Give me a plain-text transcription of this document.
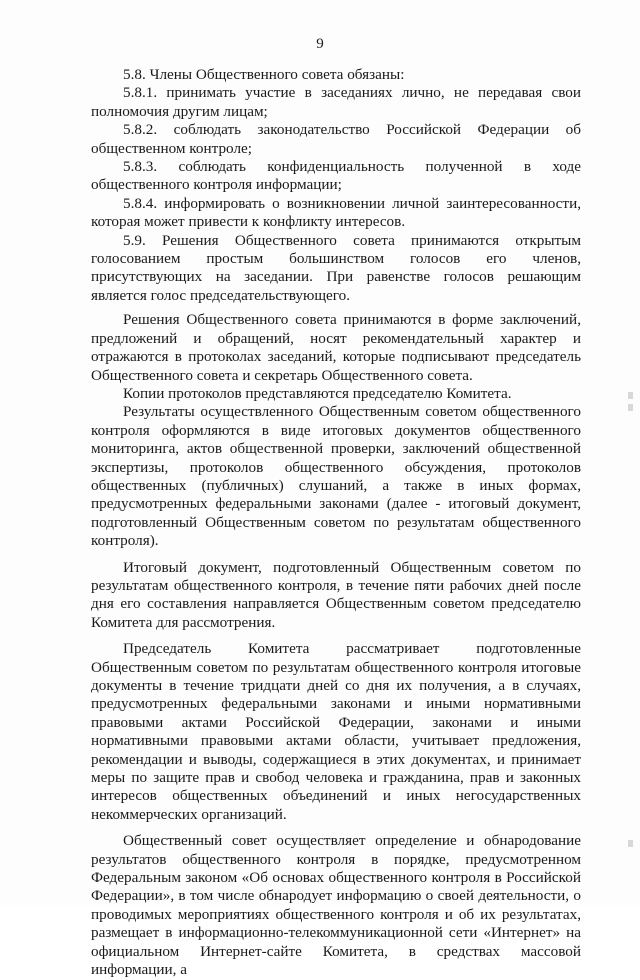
9

5.8. Члены Общественного совета обязаны:

5.8.1. принимать участие в заседаниях лично, не передавая свои полномочия другим лицам;

5.8.2. соблюдать законодательство Российской Федерации об общественном контроле;

5.8.3. соблюдать конфиденциальность полученной в ходе общественного контроля информации;

5.8.4. информировать о возникновении личной заинтересованности, которая может привести к конфликту интересов.

5.9. Решения Общественного совета принимаются открытым голосованием простым большинством голосов его членов, присутствующих на заседании. При равенстве голосов решающим является голос председательствующего.

Решения Общественного совета принимаются в форме заключений, предложений и обращений, носят рекомендательный характер и отражаются в протоколах заседаний, которые подписывают председатель Общественного совета и секретарь Общественного совета.

Копии протоколов представляются председателю Комитета.

Результаты осуществленного Общественным советом общественного контроля оформляются в виде итоговых документов общественного мониторинга, актов общественной проверки, заключений общественной экспертизы, протоколов общественного обсуждения, протоколов общественных (публичных) слушаний, а также в иных формах, предусмотренных федеральными законами (далее - итоговый документ, подготовленный Общественным советом по результатам общественного контроля).

Итоговый документ, подготовленный Общественным советом по результатам общественного контроля, в течение пяти рабочих дней после дня его составления направляется Общественным советом председателю Комитета для рассмотрения.

Председатель Комитета рассматривает подготовленные Общественным советом по результатам общественного контроля итоговые документы в течение тридцати дней со дня их получения, а в случаях, предусмотренных федеральными законами и иными нормативными правовыми актами Российской Федерации, законами и иными нормативными правовыми актами области, учитывает предложения, рекомендации и выводы, содержащиеся в этих документах, и принимает меры по защите прав и свобод человека и гражданина, прав и законных интересов общественных объединений и иных негосударственных некоммерческих организаций.

Общественный совет осуществляет определение и обнародование результатов общественного контроля в порядке, предусмотренном Федеральным законом «Об основах общественного контроля в Российской Федерации», в том числе обнародует информацию о своей деятельности, о проводимых мероприятиях общественного контроля и об их результатах, размещает в информационно-телекоммуникационной сети «Интернет» на официальном Интернет-сайте Комитета, в средствах массовой информации, а
